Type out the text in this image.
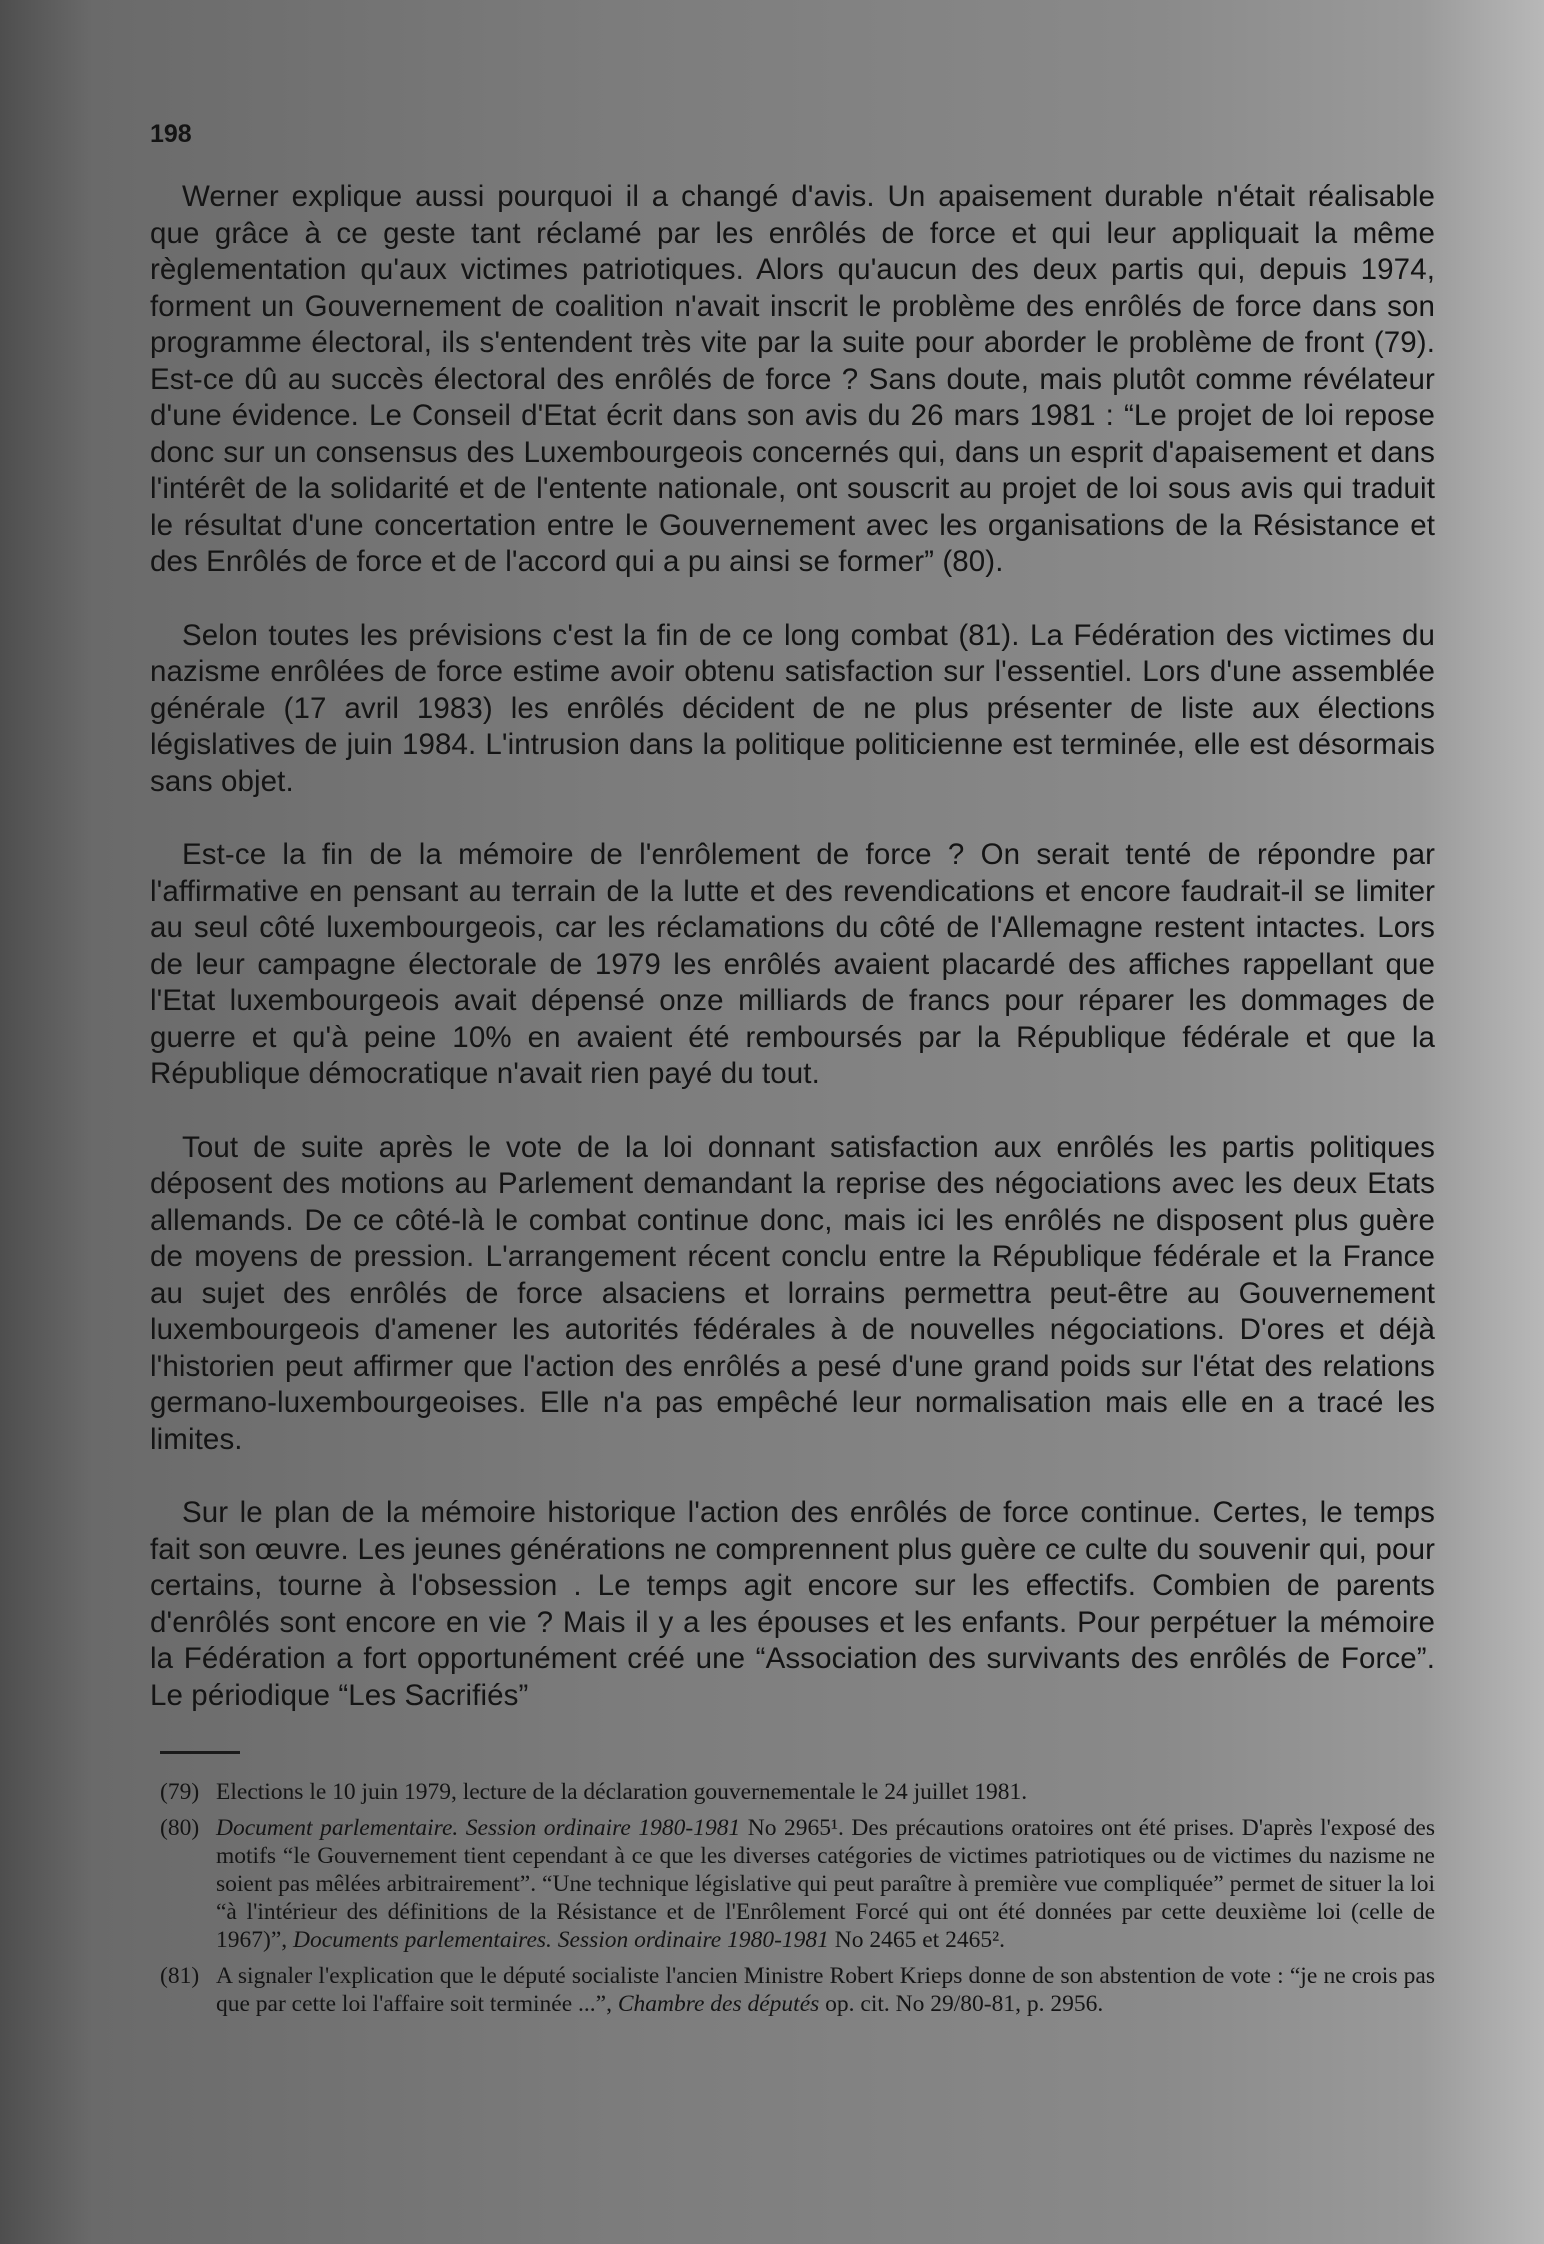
198

Werner explique aussi pourquoi il a changé d'avis. Un apaisement durable n'était réalisable que grâce à ce geste tant réclamé par les enrôlés de force et qui leur appliquait la même règlementation qu'aux victimes patriotiques. Alors qu'aucun des deux partis qui, depuis 1974, forment un Gouvernement de coalition n'avait inscrit le problème des enrôlés de force dans son programme électoral, ils s'entendent très vite par la suite pour aborder le problème de front (79). Est-ce dû au succès électoral des enrôlés de force ? Sans doute, mais plutôt comme révélateur d'une évidence. Le Conseil d'Etat écrit dans son avis du 26 mars 1981 : “Le projet de loi repose donc sur un consensus des Luxembourgeois concernés qui, dans un esprit d'apaisement et dans l'intérêt de la solidarité et de l'entente nationale, ont souscrit au projet de loi sous avis qui traduit le résultat d'une concertation entre le Gouvernement avec les organisations de la Résistance et des Enrôlés de force et de l'accord qui a pu ainsi se former” (80).

Selon toutes les prévisions c'est la fin de ce long combat (81). La Fédération des victimes du nazisme enrôlées de force estime avoir obtenu satisfaction sur l'essentiel. Lors d'une assemblée générale (17 avril 1983) les enrôlés décident de ne plus présenter de liste aux élections législatives de juin 1984. L'intrusion dans la politique politicienne est terminée, elle est désormais sans objet.

Est-ce la fin de la mémoire de l'enrôlement de force ? On serait tenté de répondre par l'affirmative en pensant au terrain de la lutte et des revendications et encore faudrait-il se limiter au seul côté luxembourgeois, car les réclamations du côté de l'Allemagne restent intactes. Lors de leur campagne électorale de 1979 les enrôlés avaient placardé des affiches rappellant que l'Etat luxembourgeois avait dépensé onze milliards de francs pour réparer les dommages de guerre et qu'à peine 10% en avaient été remboursés par la République fédérale et que la République démocratique n'avait rien payé du tout.

Tout de suite après le vote de la loi donnant satisfaction aux enrôlés les partis politiques déposent des motions au Parlement demandant la reprise des négociations avec les deux Etats allemands. De ce côté-là le combat continue donc, mais ici les enrôlés ne disposent plus guère de moyens de pression. L'arrangement récent conclu entre la République fédérale et la France au sujet des enrôlés de force alsaciens et lorrains permettra peut-être au Gouvernement luxembourgeois d'amener les autorités fédérales à de nouvelles négociations. D'ores et déjà l'historien peut affirmer que l'action des enrôlés a pesé d'une grand poids sur l'état des relations germano-luxembourgeoises. Elle n'a pas empêché leur normalisation mais elle en a tracé les limites.

Sur le plan de la mémoire historique l'action des enrôlés de force continue. Certes, le temps fait son œuvre. Les jeunes générations ne comprennent plus guère ce culte du souvenir qui, pour certains, tourne à l'obsession . Le temps agit encore sur les effectifs. Combien de parents d'enrôlés sont encore en vie ? Mais il y a les épouses et les enfants. Pour perpétuer la mémoire la Fédération a fort opportunément créé une “Association des survivants des enrôlés de Force”. Le périodique “Les Sacrifiés”

(79) Elections le 10 juin 1979, lecture de la déclaration gouvernementale le 24 juillet 1981.
(80) Document parlementaire. Session ordinaire 1980-1981 No 2965¹. Des précautions oratoires ont été prises. D'après l'exposé des motifs “le Gouvernement tient cependant à ce que les diverses catégories de victimes patriotiques ou de victimes du nazisme ne soient pas mêlées arbitrairement”. “Une technique législative qui peut paraître à première vue compliquée” permet de situer la loi “à l'intérieur des définitions de la Résistance et de l'Enrôlement Forcé qui ont été données par cette deuxième loi (celle de 1967)”, Documents parlementaires. Session ordinaire 1980-1981 No 2465 et 2465².
(81) A signaler l'explication que le député socialiste l'ancien Ministre Robert Krieps donne de son abstention de vote : “je ne crois pas que par cette loi l'affaire soit terminée ...”, Chambre des députés op. cit. No 29/80-81, p. 2956.
